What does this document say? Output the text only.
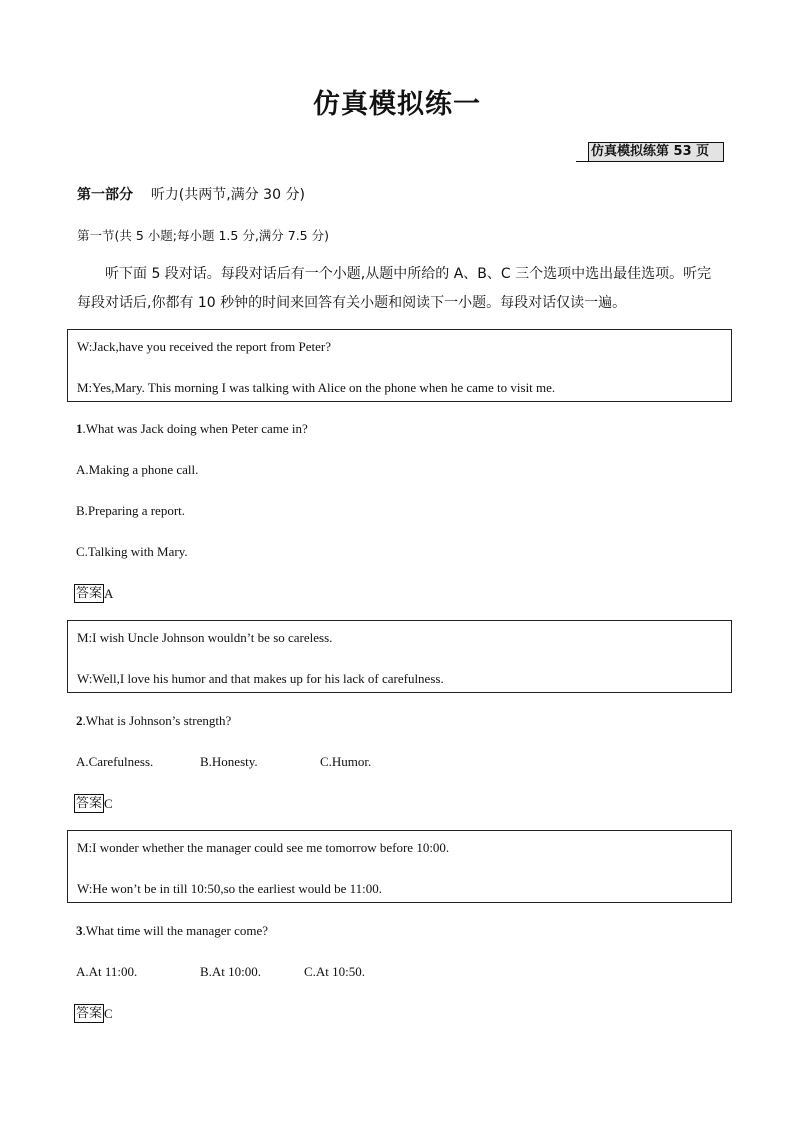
仿真模拟练一
仿真模拟练第 53 页
第一部分 听力(共两节,满分 30 分)
第一节(共 5 小题;每小题 1.5 分,满分 7.5 分)
听下面 5 段对话。每段对话后有一个小题,从题中所给的 A、B、C 三个选项中选出最佳选项。听完每段对话后,你都有 10 秒钟的时间来回答有关小题和阅读下一小题。每段对话仅读一遍。
W:Jack,have you received the report from Peter?
M:Yes,Mary. This morning I was talking with Alice on the phone when he came to visit me.
1.What was Jack doing when Peter came in?
A.Making a phone call.
B.Preparing a report.
C.Talking with Mary.
答案 A
M:I wish Uncle Johnson wouldn’t be so careless.
W:Well,I love his humor and that makes up for his lack of carefulness.
2.What is Johnson’s strength?
A.Carefulness.	B.Honesty.	C.Humor.
答案 C
M:I wonder whether the manager could see me tomorrow before 10:00.
W:He won’t be in till 10:50,so the earliest would be 11:00.
3.What time will the manager come?
A.At 11:00.	B.At 10:00.	C.At 10:50.
答案 C
